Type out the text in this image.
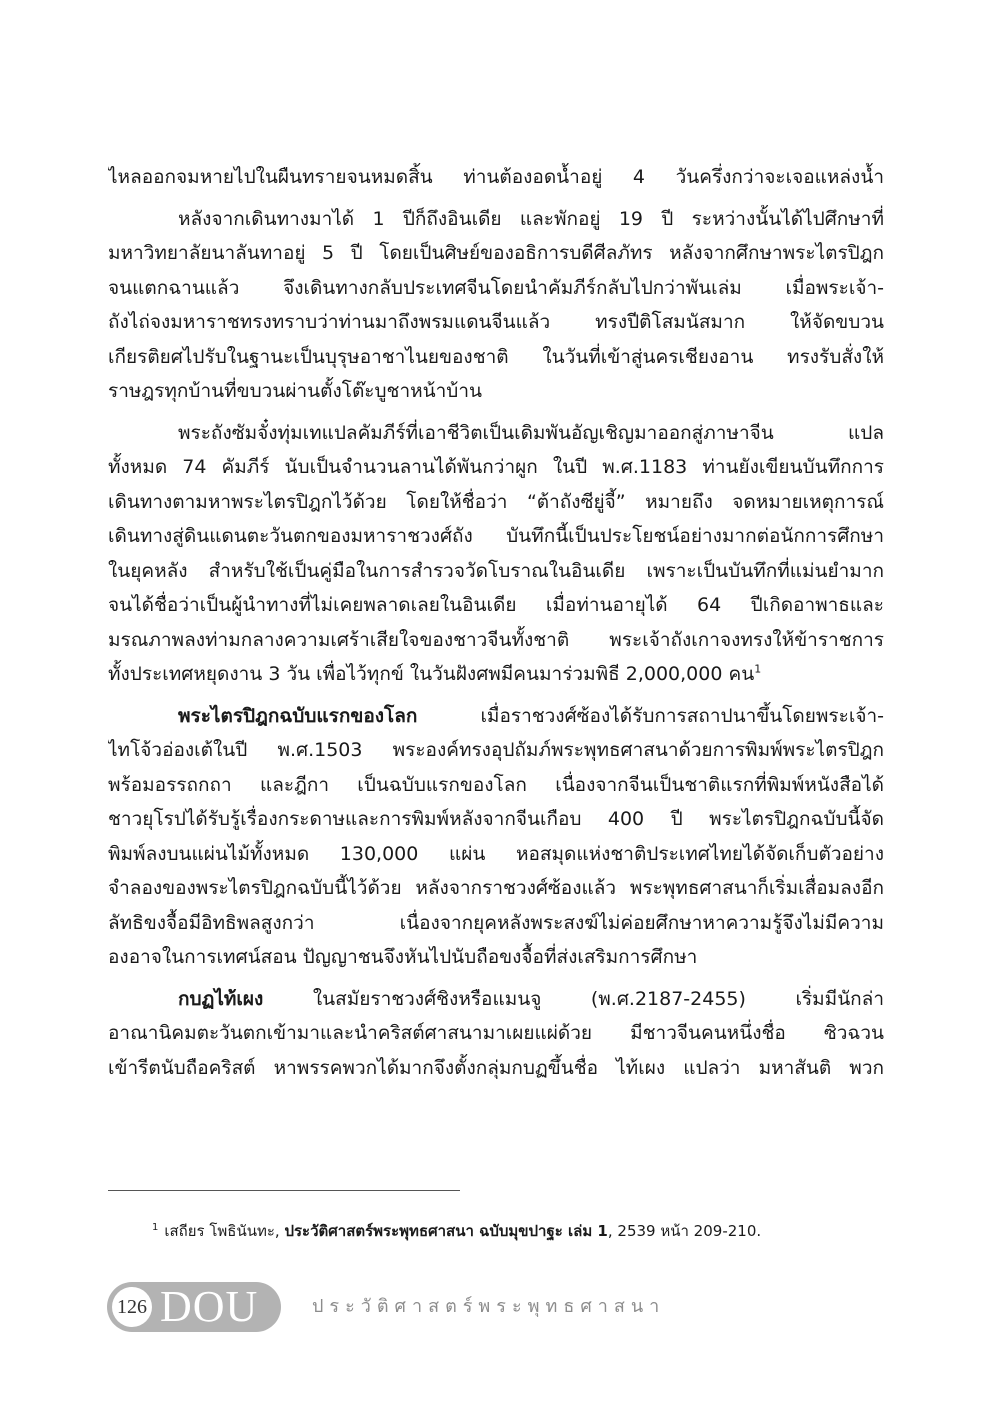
ไหลออกจมหายไปในผืนทรายจนหมดสิ้น ท่านต้องอดน้ำอยู่ 4 วันครึ่งกว่าจะเจอแหล่งน้ำ
หลังจากเดินทางมาได้ 1 ปีก็ถึงอินเดีย และพักอยู่ 19 ปี ระหว่างนั้นได้ไปศึกษาที่
มหาวิทยาลัยนาลันทาอยู่ 5 ปี โดยเป็นศิษย์ของอธิการบดีศีลภัทร หลังจากศึกษาพระไตรปิฎก
จนแตกฉานแล้ว จึงเดินทางกลับประเทศจีนโดยนำคัมภีร์กลับไปกว่าพันเล่ม เมื่อพระเจ้า-
ถังไถ่จงมหาราชทรงทราบว่าท่านมาถึงพรมแดนจีนแล้ว ทรงปีติโสมนัสมาก ให้จัดขบวน
เกียรติยศไปรับในฐานะเป็นบุรุษอาชาไนยของชาติ ในวันที่เข้าสู่นครเชียงอาน ทรงรับสั่งให้
ราษฎรทุกบ้านที่ขบวนผ่านตั้งโต๊ะบูชาหน้าบ้าน
พระถังซัมจั๋งทุ่มเทแปลคัมภีร์ที่เอาชีวิตเป็นเดิมพันอัญเชิญมาออกสู่ภาษาจีน แปล
ทั้งหมด 74 คัมภีร์ นับเป็นจำนวนลานได้พันกว่าผูก ในปี พ.ศ.1183 ท่านยังเขียนบันทึกการ
เดินทางตามหาพระไตรปิฎกไว้ด้วย โดยให้ชื่อว่า “ต้าถังซียู่จี้” หมายถึง จดหมายเหตุการณ์
เดินทางสู่ดินแดนตะวันตกของมหาราชวงศ์ถัง บันทึกนี้เป็นประโยชน์อย่างมากต่อนักการศึกษา
ในยุคหลัง สำหรับใช้เป็นคู่มือในการสำรวจวัดโบราณในอินเดีย เพราะเป็นบันทึกที่แม่นยำมาก
จนได้ชื่อว่าเป็นผู้นำทางที่ไม่เคยพลาดเลยในอินเดีย เมื่อท่านอายุได้ 64 ปีเกิดอาพาธและ
มรณภาพลงท่ามกลางความเศร้าเสียใจของชาวจีนทั้งชาติ พระเจ้าถังเกาจงทรงให้ข้าราชการ
ทั้งประเทศหยุดงาน 3 วัน เพื่อไว้ทุกข์ ในวันฝังศพมีคนมาร่วมพิธี 2,000,000 คน$^1$
พระไตรปิฎกฉบับแรกของโลก	เมื่อราชวงศ์ซ้องได้รับการสถาปนาขึ้นโดยพระเจ้า-
ไทโจ้วอ่องเต้ในปี พ.ศ.1503 พระองค์ทรงอุปถัมภ์พระพุทธศาสนาด้วยการพิมพ์พระไตรปิฎก
พร้อมอรรถกถา และฎีกา เป็นฉบับแรกของโลก เนื่องจากจีนเป็นชาติแรกที่พิมพ์หนังสือได้
ชาวยุโรปได้รับรู้เรื่องกระดาษและการพิมพ์หลังจากจีนเกือบ 400 ปี พระไตรปิฎกฉบับนี้จัด
พิมพ์ลงบนแผ่นไม้ทั้งหมด 130,000 แผ่น หอสมุดแห่งชาติประเทศไทยได้จัดเก็บตัวอย่าง
จำลองของพระไตรปิฎกฉบับนี้ไว้ด้วย หลังจากราชวงศ์ซ้องแล้ว พระพุทธศาสนาก็เริ่มเสื่อมลงอีก
ลัทธิขงจื้อมีอิทธิพลสูงกว่า เนื่องจากยุคหลังพระสงฆ์ไม่ค่อยศึกษาหาความรู้จึงไม่มีความ
องอาจในการเทศน์สอน ปัญญาชนจึงหันไปนับถือขงจื้อที่ส่งเสริมการศึกษา
กบฏไท้เผง	ในสมัยราชวงศ์ชิงหรือแมนจู (พ.ศ.2187-2455) เริ่มมีนักล่า
อาณานิคมตะวันตกเข้ามาและนำคริสต์ศาสนามาเผยแผ่ด้วย มีชาวจีนคนหนึ่งชื่อ ซิวฉวน
เข้ารีตนับถือคริสต์ หาพรรคพวกได้มากจึงตั้งกลุ่มกบฏขึ้นชื่อ ไท้เผง แปลว่า มหาสันติ พวก
$^1$ เสถียร โพธินันทะ, ประวัติศาสตร์พระพุทธศาสนา ฉบับมุขปาฐะ เล่ม 1, 2539 หน้า 209-210.
126 DOU	ประวัติศาสตร์พระพุทธศาสนา
